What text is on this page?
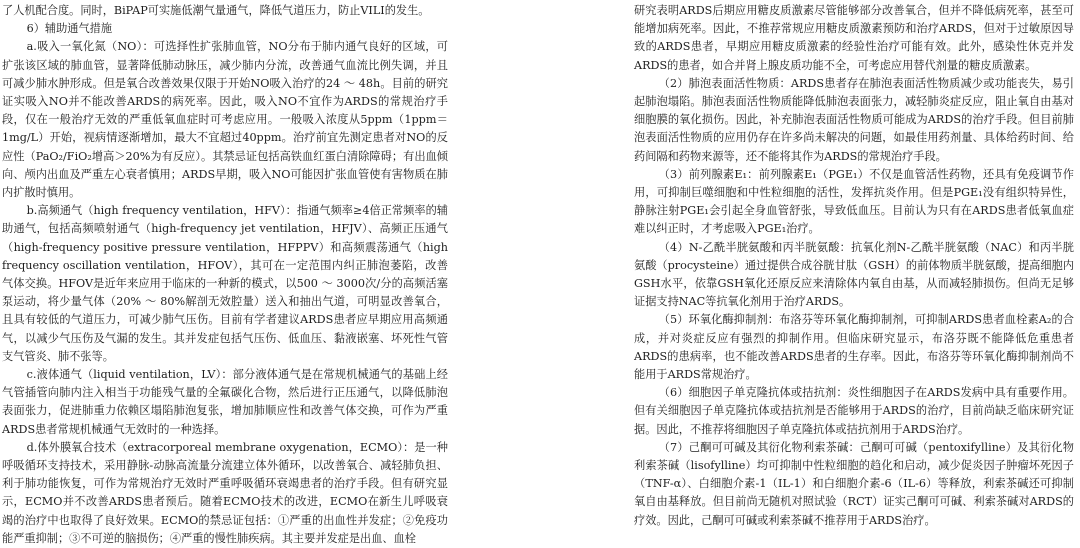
了人机配合度。同时，BiPAP可实施低潮气量通气，降低气道压力，防止VILI的发生。

6）辅助通气措施

a.吸入一氧化氮（NO）：可选择性扩张肺血管，NO分布于肺内通气良好的区域，可扩张该区域的肺血管，显著降低肺动脉压，减少肺内分流，改善通气血流比例失调，并且可减少肺水肿形成。但是氧合改善效果仅限于开始NO吸入治疗的24 ～ 48h。目前的研究证实吸入NO并不能改善ARDS的病死率。因此，吸入NO不宜作为ARDS的常规治疗手段，仅在一般治疗无效的严重低氧血症时可考虑应用。一般吸入浓度从5ppm（1ppm＝1mg/L）开始，视病情逐渐增加，最大不宜超过40ppm。治疗前宜先测定患者对NO的反应性（PaO₂/FiO₂增高＞20%为有反应）。其禁忌证包括高铁血红蛋白清除障碍；有出血倾向、颅内出血及严重左心衰者慎用；ARDS早期，吸入NO可能因扩张血管使有害物质在肺内扩散时慎用。

b.高频通气（high frequency ventilation，HFV）：指通气频率≥4倍正常频率的辅助通气，包括高频喷射通气（high-frequency jet ventilation，HFJV）、高频正压通气（high-frequency positive pressure ventilation，HFPPV）和高频震荡通气（high frequency oscillation ventilation，HFOV），其可在一定范围内纠正肺泡萎陷，改善气体交换。HFOV是近年来应用于临床的一种新的模式，以500 ～ 3000次/分的高频活塞泵运动，将少量气体（20% ～ 80%解剖无效腔量）送入和抽出气道，可明显改善氧合，且具有较低的气道压力，可减少肺气压伤。目前有学者建议ARDS患者应早期应用高频通气，以减少气压伤及气漏的发生。其并发症包括气压伤、低血压、黏液嵌塞、坏死性气管支气管炎、肺不张等。

c.液体通气（liquid ventilation，LV）：部分液体通气是在常规机械通气的基础上经气管插管向肺内注入相当于功能残气量的全氟碳化合物，然后进行正压通气，以降低肺泡表面张力，促进肺重力依赖区塌陷肺泡复张，增加肺顺应性和改善气体交换，可作为严重ARDS患者常规机械通气无效时的一种选择。

d.体外膜氧合技术（extracorporeal membrane oxygenation，ECMO）：是一种呼吸循环支持技术，采用静脉-动脉高流量分流建立体外循环，以改善氧合、减轻肺负担、利于肺功能恢复，可作为常规治疗无效时严重呼吸循环衰竭患者的治疗手段。但有研究显示，ECMO并不改善ARDS患者预后。随着ECMO技术的改进，ECMO在新生儿呼吸衰竭的治疗中也取得了良好效果。ECMO的禁忌证包括：①严重的出血性并发症；②免疫功能严重抑制；③不可逆的脑损伤；④严重的慢性肺疾病。其主要并发症是出血、血栓

研究表明ARDS后期应用糖皮质激素尽管能够部分改善氧合，但并不降低病死率，甚至可能增加病死率。因此，不推荐常规应用糖皮质激素预防和治疗ARDS，但对于过敏原因导致的ARDS患者，早期应用糖皮质激素的经验性治疗可能有效。此外，感染性休克并发ARDS的患者，如合并肾上腺皮质功能不全，可考虑应用替代剂量的糖皮质激素。

（2）肺泡表面活性物质：ARDS患者存在肺泡表面活性物质减少或功能丧失，易引起肺泡塌陷。肺泡表面活性物质能降低肺泡表面张力，减轻肺炎症反应，阻止氧自由基对细胞膜的氧化损伤。因此，补充肺泡表面活性物质可能成为ARDS的治疗手段。但目前肺泡表面活性物质的应用仍存在许多尚未解决的问题，如最佳用药剂量、具体给药时间、给药间隔和药物来源等，还不能将其作为ARDS的常规治疗手段。

（3）前列腺素E₁：前列腺素E₁（PGE₁）不仅是血管活性药物，还具有免疫调节作用，可抑制巨噬细胞和中性粒细胞的活性，发挥抗炎作用。但是PGE₁没有组织特异性，静脉注射PGE₁会引起全身血管舒张，导致低血压。目前认为只有在ARDS患者低氧血症难以纠正时，才考虑吸入PGE₁治疗。

（4）N-乙酰半胱氨酸和丙半胱氨酸：抗氧化剂N-乙酰半胱氨酸（NAC）和丙半胱氨酸（procysteine）通过提供合成谷胱甘肽（GSH）的前体物质半胱氨酸，提高细胞内GSH水平，依靠GSH氧化还原反应来清除体内氧自由基，从而减轻肺损伤。但尚无足够证据支持NAC等抗氧化剂用于治疗ARDS。

（5）环氧化酶抑制剂：布洛芬等环氧化酶抑制剂，可抑制ARDS患者血栓素A₂的合成，并对炎症反应有强烈的抑制作用。但临床研究显示，布洛芬既不能降低危重患者ARDS的患病率，也不能改善ARDS患者的生存率。因此，布洛芬等环氧化酶抑制剂尚不能用于ARDS常规治疗。

（6）细胞因子单克隆抗体或拮抗剂：炎性细胞因子在ARDS发病中具有重要作用。但有关细胞因子单克隆抗体或拮抗剂是否能够用于ARDS的治疗，目前尚缺乏临床研究证据。因此，不推荐将细胞因子单克隆抗体或拮抗剂用于ARDS治疗。

（7）己酮可可碱及其衍化物利索茶碱：己酮可可碱（pentoxifylline）及其衍化物利索茶碱（lisofylline）均可抑制中性粒细胞的趋化和启动，减少促炎因子肿瘤坏死因子（TNF-α）、白细胞介素-1（IL-1）和白细胞介素-6（IL-6）等释放，利索茶碱还可抑制氧自由基释放。但目前尚无随机对照试验（RCT）证实己酮可可碱、利索茶碱对ARDS的疗效。因此，己酮可可碱或利索茶碱不推荐用于ARDS治疗。
